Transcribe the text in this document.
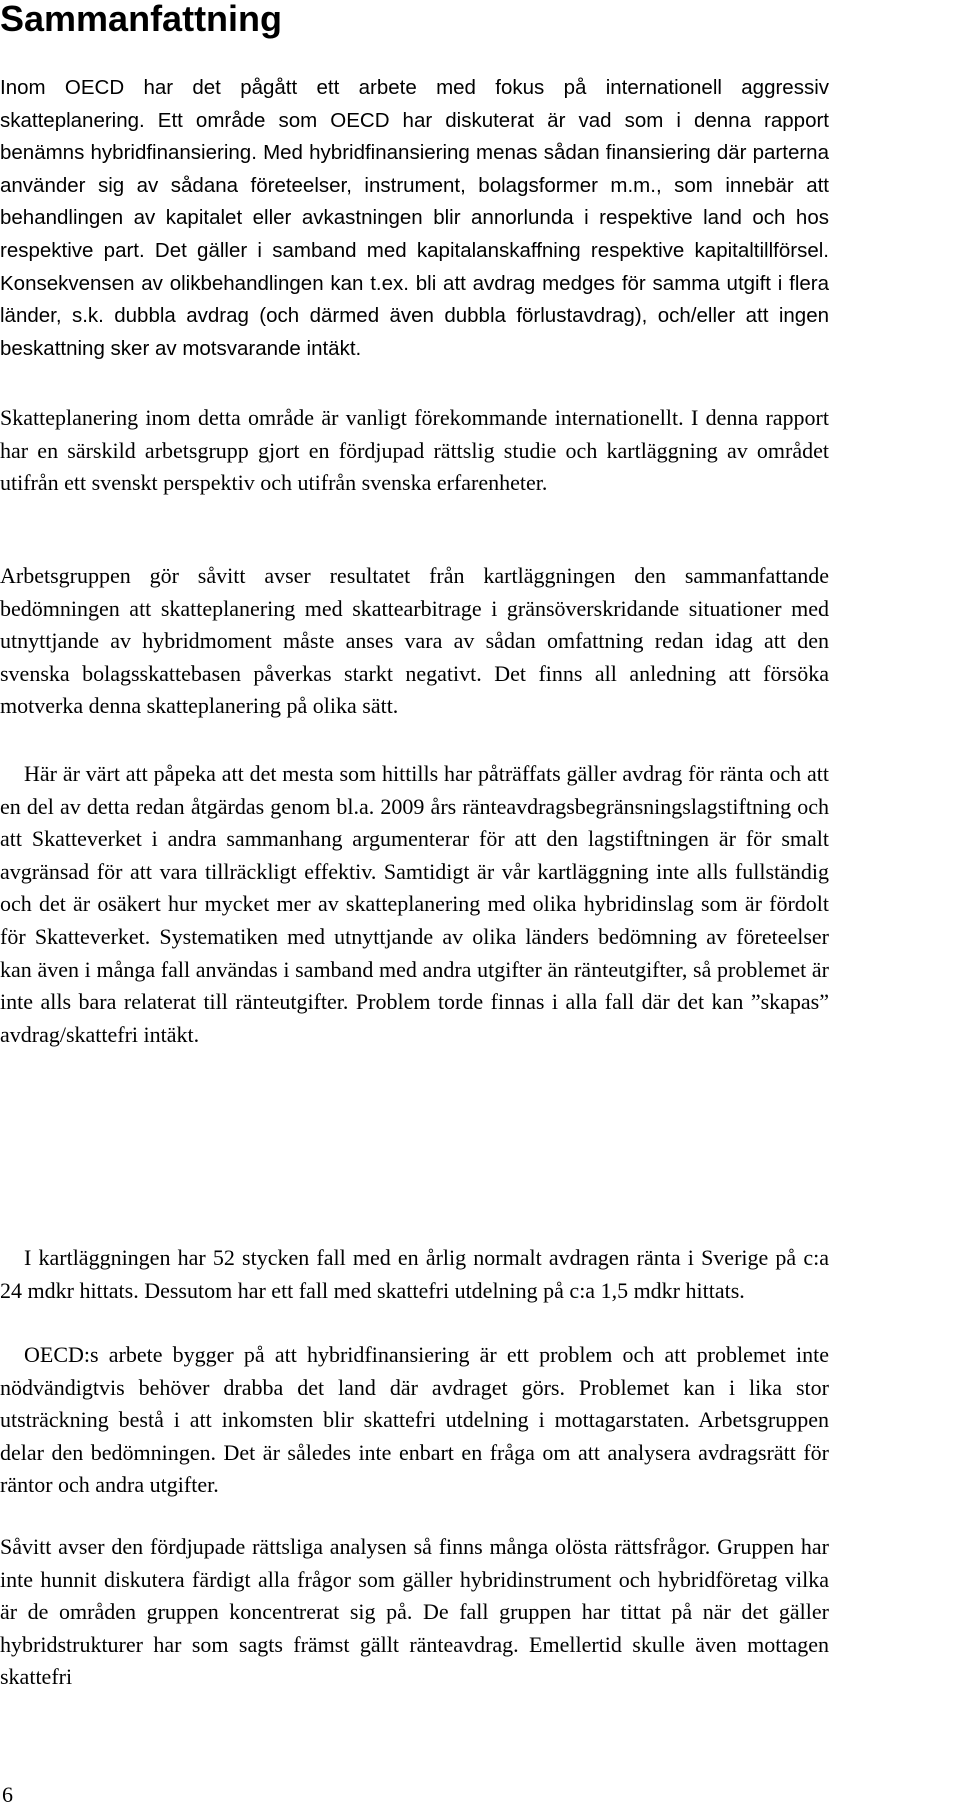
Sammanfattning

Inom OECD har det pågått ett arbete med fokus på internationell aggressiv skatteplanering. Ett område som OECD har diskuterat är vad som i denna rapport benämns hybridfinansiering. Med hybridfinansiering menas sådan finansiering där parterna använder sig av sådana företeelser, instrument, bolagsformer m.m., som innebär att behandlingen av kapitalet eller avkastningen blir annorlunda i respektive land och hos respektive part. Det gäller i samband med kapitalanskaffning respektive kapitaltillförsel. Konsekvensen av olikbehandlingen kan t.ex. bli att avdrag medges för samma utgift i flera länder, s.k. dubbla avdrag (och därmed även dubbla förlustavdrag), och/eller att ingen beskattning sker av motsvarande intäkt.

Skatteplanering inom detta område är vanligt förekommande internationellt. I denna rapport har en särskild arbetsgrupp gjort en fördjupad rättslig studie och kartläggning av området utifrån ett svenskt perspektiv och utifrån svenska erfarenheter.

Arbetsgruppen gör såvitt avser resultatet från kartläggningen den sammanfattande bedömningen att skatteplanering med skattearbitrage i gränsöverskridande situationer med utnyttjande av hybridmoment måste anses vara av sådan omfattning redan idag att den svenska bolagsskattebasen påverkas starkt negativt. Det finns all anledning att försöka motverka denna skatteplanering på olika sätt.

Här är värt att påpeka att det mesta som hittills har påträffats gäller avdrag för ränta och att en del av detta redan åtgärdas genom bl.a. 2009 års ränteavdragsbegränsningslagstiftning och att Skatteverket i andra sammanhang argumenterar för att den lagstiftningen är för smalt avgränsad för att vara tillräckligt effektiv. Samtidigt är vår kartläggning inte alls fullständig och det är osäkert hur mycket mer av skatteplanering med olika hybridinslag som är fördolt för Skatteverket. Systematiken med utnyttjande av olika länders bedömning av företeelser kan även i många fall användas i samband med andra utgifter än ränteutgifter, så problemet är inte alls bara relaterat till ränteutgifter. Problem torde finnas i alla fall där det kan ”skapas” avdrag/skattefri intäkt.

I kartläggningen har 52 stycken fall med en årlig normalt avdragen ränta i Sverige på c:a 24 mdkr hittats. Dessutom har ett fall med skattefri utdelning på c:a 1,5 mdkr hittats.

OECD:s arbete bygger på att hybridfinansiering är ett problem och att problemet inte nödvändigtvis behöver drabba det land där avdraget görs. Problemet kan i lika stor utsträckning bestå i att inkomsten blir skattefri utdelning i mottagarstaten. Arbetsgruppen delar den bedömningen. Det är således inte enbart en fråga om att analysera avdragsrätt för räntor och andra utgifter.

Såvitt avser den fördjupade rättsliga analysen så finns många olösta rättsfrågor. Gruppen har inte hunnit diskutera färdigt alla frågor som gäller hybridinstrument och hybridföretag vilka är de områden gruppen koncentrerat sig på. De fall gruppen har tittat på när det gäller hybridstrukturer har som sagts främst gällt ränteavdrag. Emellertid skulle även mottagen skattefri

6
